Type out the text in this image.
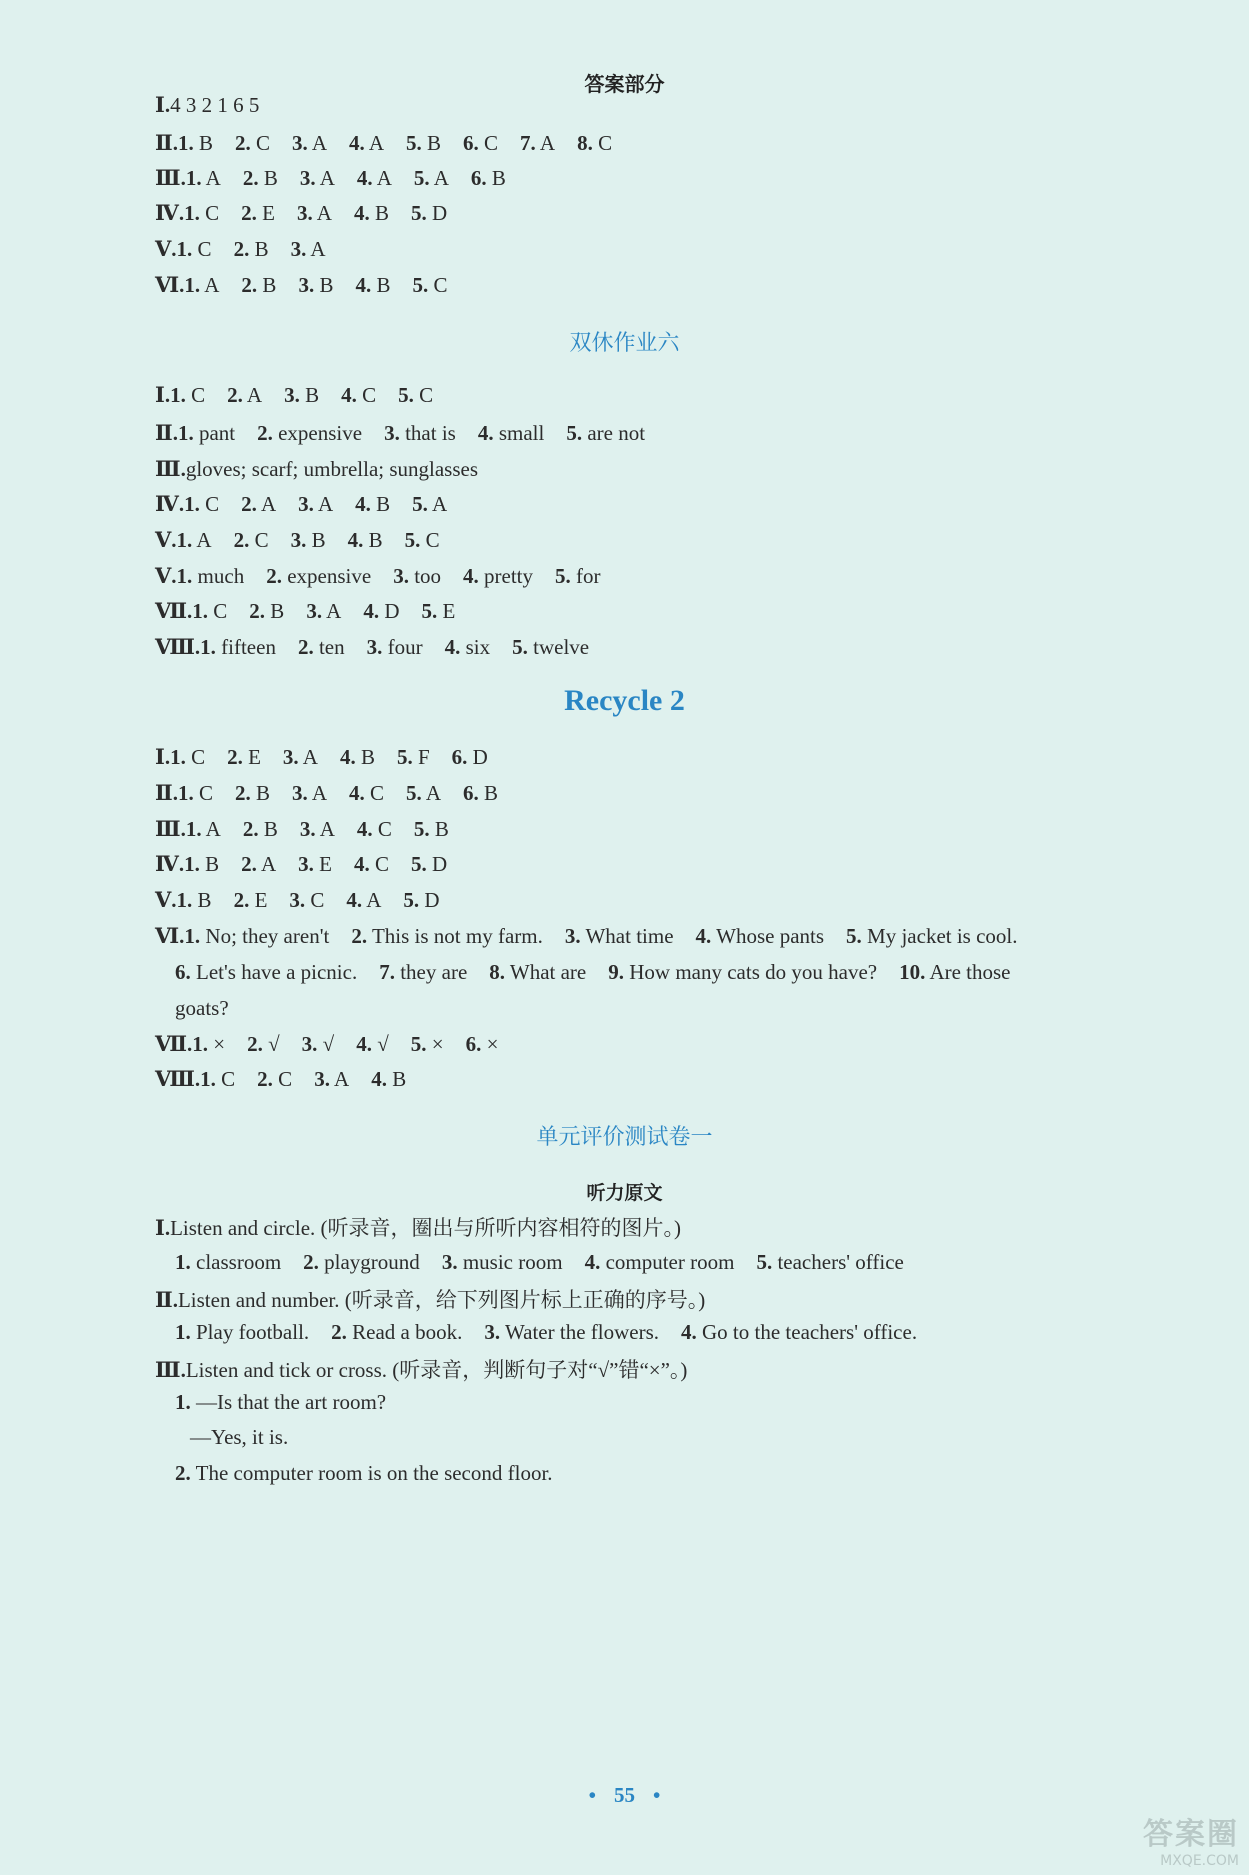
答案部分
Ⅰ.4 3 2 1 6 5
Ⅱ.1. B 2. C 3. A 4. A 5. B 6. C 7. A 8. C
Ⅲ.1. A 2. B 3. A 4. A 5. A 6. B
Ⅳ.1. C 2. E 3. A 4. B 5. D
Ⅴ.1. C 2. B 3. A
Ⅵ.1. A 2. B 3. B 4. B 5. C
双休作业六
Ⅰ.1. C 2. A 3. B 4. C 5. C
Ⅱ.1. pant 2. expensive 3. that is 4. small 5. are not
Ⅲ.gloves; scarf; umbrella; sunglasses
Ⅳ.1. C 2. A 3. A 4. B 5. A
Ⅴ.1. A 2. C 3. B 4. B 5. C
Ⅴ.1. much 2. expensive 3. too 4. pretty 5. for
Ⅶ.1. C 2. B 3. A 4. D 5. E
Ⅷ.1. fifteen 2. ten 3. four 4. six 5. twelve
Recycle 2
Ⅰ.1. C 2. E 3. A 4. B 5. F 6. D
Ⅱ.1. C 2. B 3. A 4. C 5. A 6. B
Ⅲ.1. A 2. B 3. A 4. C 5. B
Ⅳ.1. B 2. A 3. E 4. C 5. D
Ⅴ.1. B 2. E 3. C 4. A 5. D
Ⅵ.1. No; they aren't 2. This is not my farm. 3. What time 4. Whose pants 5. My jacket is cool.
6. Let's have a picnic. 7. they are 8. What are 9. How many cats do you have? 10. Are those
goats?
Ⅶ.1. × 2. √ 3. √ 4. √ 5. × 6. ×
Ⅷ.1. C 2. C 3. A 4. B
单元评价测试卷一
听力原文
Ⅰ.Listen and circle. (听录音，圈出与所听内容相符的图片。)
1. classroom 2. playground 3. music room 4. computer room 5. teachers' office
Ⅱ.Listen and number. (听录音，给下列图片标上正确的序号。)
1. Play football. 2. Read a book. 3. Water the flowers. 4. Go to the teachers' office.
Ⅲ.Listen and tick or cross. (听录音，判断句子对“√”错“×”。)
1. —Is that the art room?
—Yes, it is.
2. The computer room is on the second floor.
• 55 •
答案圈
MXQE.COM
